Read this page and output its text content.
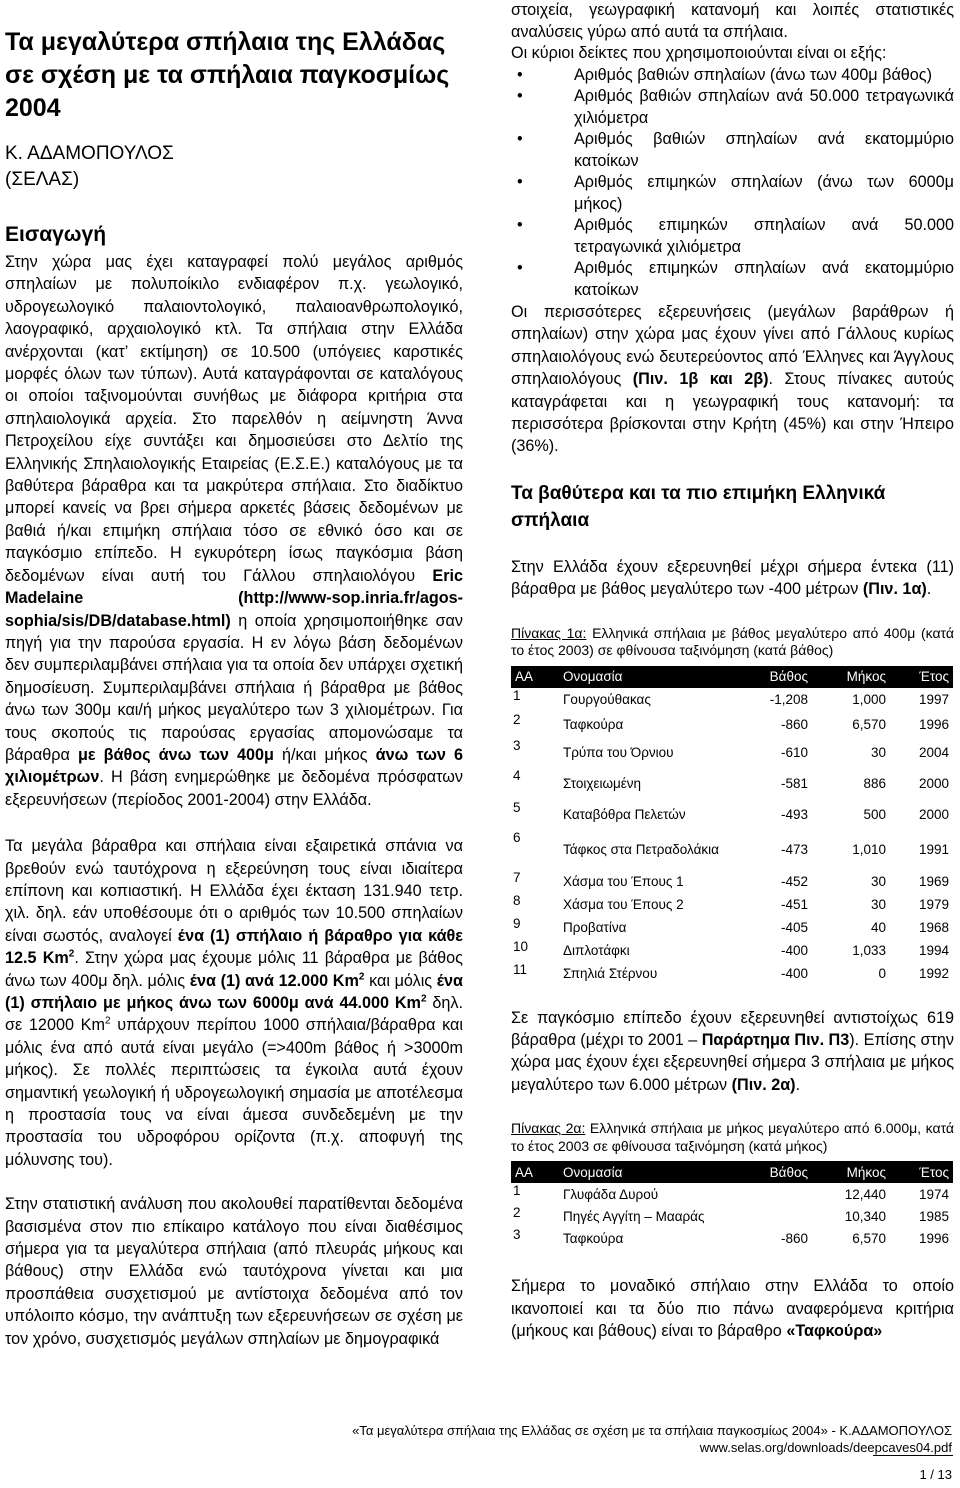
Τα μεγαλύτερα σπήλαια της Ελλάδας σε σχέση με τα σπήλαια παγκοσμίως 2004
Κ. ΑΔΑΜΟΠΟΥΛΟΣ
(ΣΕΛΑΣ)
Εισαγωγή

Στην χώρα μας έχει καταγραφεί πολύ μεγάλος αριθμός σπηλαίων με πολυποίκιλο ενδιαφέρον π.χ. γεωλογικό, υδρογεωλογικό παλαιοντολογικό, παλαιοανθρωπολογικό, λαογραφικό, αρχαιολογικό κτλ. Τα σπήλαια στην Ελλάδα ανέρχονται (κατ’ εκτίμηση) σε 10.500 (υπόγειες καρστικές μορφές όλων των τύπων). Αυτά καταγράφονται σε καταλόγους οι οποίοι ταξινομούνται συνήθως με διάφορα κριτήρια στα σπηλαιολογικά αρχεία. Στο παρελθόν η αείμνηστη Άννα Πετροχείλου είχε συντάξει και δημοσιεύσει στο Δελτίο της Ελληνικής Σπηλαιολογικής Εταιρείας (Ε.Σ.Ε.) καταλόγους με τα βαθύτερα βάραθρα και τα μακρύτερα σπήλαια. Στο διαδίκτυο μπορεί κανείς να βρει σήμερα αρκετές βάσεις δεδομένων με βαθιά ή/και επιμήκη σπήλαια τόσο σε εθνικό όσο και σε παγκόσμιο επίπεδο. Η εγκυρότερη ίσως παγκόσμια βάση δεδομένων είναι αυτή του Γάλλου σπηλαιολόγου Eric Madelaine (http://www-sop.inria.fr/agos-sophia/sis/DB/database.html) η οποία χρησιμοποιήθηκε σαν πηγή για την παρούσα εργασία. Η εν λόγω βάση δεδομένων δεν συμπεριλαμβάνει σπήλαια για τα οποία δεν υπάρχει σχετική δημοσίευση. Συμπεριλαμβάνει σπήλαια ή βάραθρα με βάθος άνω των 300μ και/ή μήκος μεγαλύτερο των 3 χιλιομέτρων. Για τους σκοπούς τις παρούσας εργασίας απομονώσαμε τα βάραθρα με βάθος άνω των 400μ ή/και μήκος άνω των 6 χιλιομέτρων. Η βάση ενημερώθηκε με δεδομένα πρόσφατων εξερευνήσεων (περίοδος 2001-2004) στην Ελλάδα.

Τα μεγάλα βάραθρα και σπήλαια είναι εξαιρετικά σπάνια να βρεθούν ενώ ταυτόχρονα η εξερεύνηση τους είναι ιδιαίτερα επίπονη και κοπιαστική. Η Ελλάδα έχει έκταση 131.940 τετρ. χιλ. δηλ. εάν υποθέσουμε ότι ο αριθμός των 10.500 σπηλαίων είναι σωστός, αναλογεί ένα (1) σπήλαιο ή βάραθρο για κάθε 12.5 Km$^2$. Στην χώρα μας έχουμε μόλις 11 βάραθρα με βάθος άνω των 400μ δηλ. μόλις ένα (1) ανά 12.000 Km$^2$ και μόλις ένα (1) σπήλαιο με μήκος άνω των 6000μ ανά 44.000 Km$^2$ δηλ. σε 12000 Km$^2$ υπάρχουν περίπου 1000 σπήλαια/βάραθρα και μόλις ένα από αυτά είναι μεγάλο (=>400m βάθος ή >3000m μήκος). Σε πολλές περιπτώσεις τα έγκοιλα αυτά έχουν σημαντική γεωλογική ή υδρογεωλογική σημασία με αποτέλεσμα η προστασία τους να είναι άμεσα συνδεδεμένη με την προστασία του υδροφόρου ορίζοντα (π.χ. αποφυγή της μόλυνσης του).

Στην στατιστική ανάλυση που ακολουθεί παρατίθενται δεδομένα βασισμένα στον πιο επίκαιρο κατάλογο που είναι διαθέσιμος σήμερα για τα μεγαλύτερα σπήλαια (από πλευράς μήκους και βάθους) στην Ελλάδα ενώ ταυτόχρονα γίνεται και μια προσπάθεια συσχετισμού με αντίστοιχα δεδομένα από τον υπόλοιπο κόσμο, την ανάπτυξη των εξερευνήσεων σε σχέση με τον χρόνο, συσχετισμός μεγάλων σπηλαίων με δημογραφικά

στοιχεία, γεωγραφική κατανομή και λοιπές στατιστικές αναλύσεις γύρω από αυτά τα σπήλαια.

Οι κύριοι δείκτες που χρησιμοποιούνται είναι οι εξής:

• Αριθμός βαθιών σπηλαίων (άνω των 400μ βάθος)
• Αριθμός βαθιών σπηλαίων ανά 50.000 τετραγωνικά χιλιόμετρα
• Αριθμός βαθιών σπηλαίων ανά εκατομμύριο κατοίκων
• Αριθμός επιμηκών σπηλαίων (άνω των 6000μ μήκος)
• Αριθμός επιμηκών σπηλαίων ανά 50.000 τετραγωνικά χιλιόμετρα
• Αριθμός επιμηκών σπηλαίων ανά εκατομμύριο κατοίκων

Οι περισσότερες εξερευνήσεις (μεγάλων βαράθρων ή σπηλαίων) στην χώρα μας έχουν γίνει από Γάλλους κυρίως σπηλαιολόγους ενώ δευτερεύοντος από Έλληνες και Άγγλους σπηλαιολόγους (Πιν. 1β και 2β). Στους πίνακες αυτούς καταγράφεται και η γεωγραφική τους κατανομή: τα περισσότερα βρίσκονται στην Κρήτη (45%) και στην Ήπειρο (36%).

Τα βαθύτερα και τα πιο επιμήκη Ελληνικά σπήλαια

Στην Ελλάδα έχουν εξερευνηθεί μέχρι σήμερα έντεκα (11) βάραθρα με βάθος μεγαλύτερο των -400 μέτρων (Πιν. 1α).

Πίνακας 1α: Ελληνικά σπήλαια με βάθος μεγαλύτερο από 400μ (κατά το έτος 2003) σε φθίνουσα ταξινόμηση (κατά βάθος)
ΑΑ	Ονομασία	Βάθος	Μήκος	Έτος
1	Γουργούθακας	-1,208	1,000	1997
2	Ταφκούρα	-860	6,570	1996
3	Τρύπα του Όρνιου	-610	30	2004
4	Στοιχειωμένη	-581	886	2000
5	Καταβόθρα Πελετών	-493	500	2000
6	Τάφκος στα Πετραδολάκια	-473	1,010	1991
7	Χάσμα του Έπους 1	-452	30	1969
8	Χάσμα του Έπους 2	-451	30	1979
9	Προβατίνα	-405	40	1968
10	Διπλοτάφκι	-400	1,033	1994
11	Σπηλιά Στέρνου	-400	0	1992

Σε παγκόσμιο επίπεδο έχουν εξερευνηθεί αντιστοίχως 619 βάραθρα (μέχρι το 2001 – Παράρτημα Πιν. Π3). Επίσης στην χώρα μας έχουν έχει εξερευνηθεί σήμερα 3 σπήλαια με μήκος μεγαλύτερο των 6.000 μέτρων (Πιν. 2α).

Πίνακας 2α: Ελληνικά σπήλαια με μήκος μεγαλύτερο από 6.000μ, κατά το έτος 2003 σε φθίνουσα ταξινόμηση (κατά μήκος)
ΑΑ	Ονομασία	Βάθος	Μήκος	Έτος
1	Γλυφάδα Δυρού		12,440	1974
2	Πηγές Αγγίτη – Μααράς		10,340	1985
3	Ταφκούρα	-860	6,570	1996

Σήμερα το μοναδικό σπήλαιο στην Ελλάδα το οποίο ικανοποιεί και τα δύο πιο πάνω αναφερόμενα κριτήρια (μήκους και βάθους) είναι το βάραθρο «Ταφκούρα»

«Τα μεγαλύτερα σπήλαια της Ελλάδας σε σχέση με τα σπήλαια παγκοσμίως 2004» - Κ.ΑΔΑΜΟΠΟΥΛΟΣ
www.selas.org/downloads/deepcaves04.pdf
1 / 13
